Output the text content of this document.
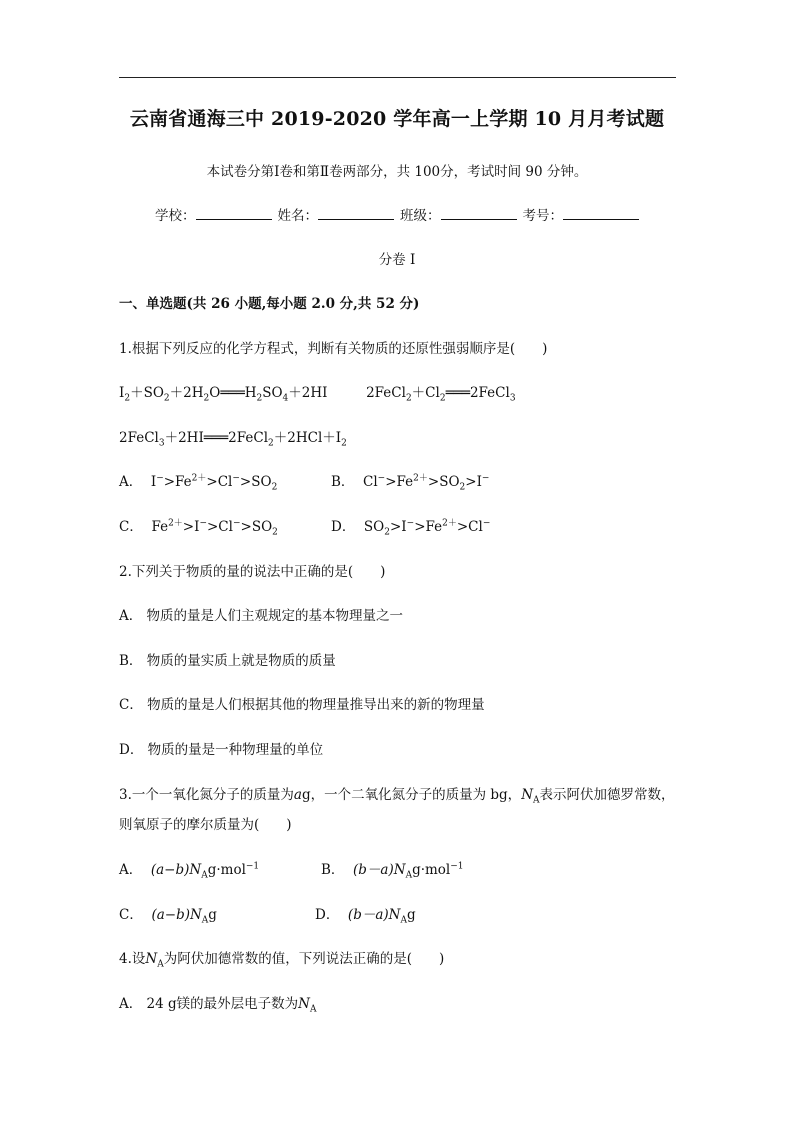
云南省通海三中 2019-2020 学年高一上学期 10 月月考试题
本试卷分第Ⅰ卷和第Ⅱ卷两部分，共 100分，考试时间 90 分钟。
学校：	姓名：	班级：	考号：
分卷 I
一、单选题(共 26 小题,每小题 2.0 分,共 52 分)
1.根据下列反应的化学方程式，判断有关物质的还原性强弱顺序是(　　)
$I_2+SO_2+2H_2O═══H_2SO_4+2HI$	$2FeCl_2+Cl_2═══2FeCl_3$
$2FeCl_3+2HI═══2FeCl_2+2HCl+I_2$
A． $I^->Fe^{2+}>Cl^->SO_2$	B． $Cl^->Fe^{2+}>SO_2>I^-$
C． $Fe^{2+}>I^->Cl^->SO_2$	D． $SO_2>I^->Fe^{2+}>Cl^-$
2.下列关于物质的量的说法中正确的是(　　)
A． 物质的量是人们主观规定的基本物理量之一
B． 物质的量实质上就是物质的质量
C． 物质的量是人们根据其他的物理量推导出来的新的物理量
D． 物质的量是一种物理量的单位
3.一个一氧化氮分子的质量为ag，一个二氧化氮分子的质量为 bg，$N_A$表示阿伏加德罗常数，
则氧原子的摩尔质量为(　　)
A． $(a-b)N_Ag\cdot mol^{-1}$	B． $(b-a)N_Ag\cdot mol^{-1}$
C． $(a-b)N_Ag$	D． $(b-a)N_Ag$
4.设$N_A$为阿伏加德常数的值，下列说法正确的是(　　)
A． 24 g镁的最外层电子数为$N_A$
